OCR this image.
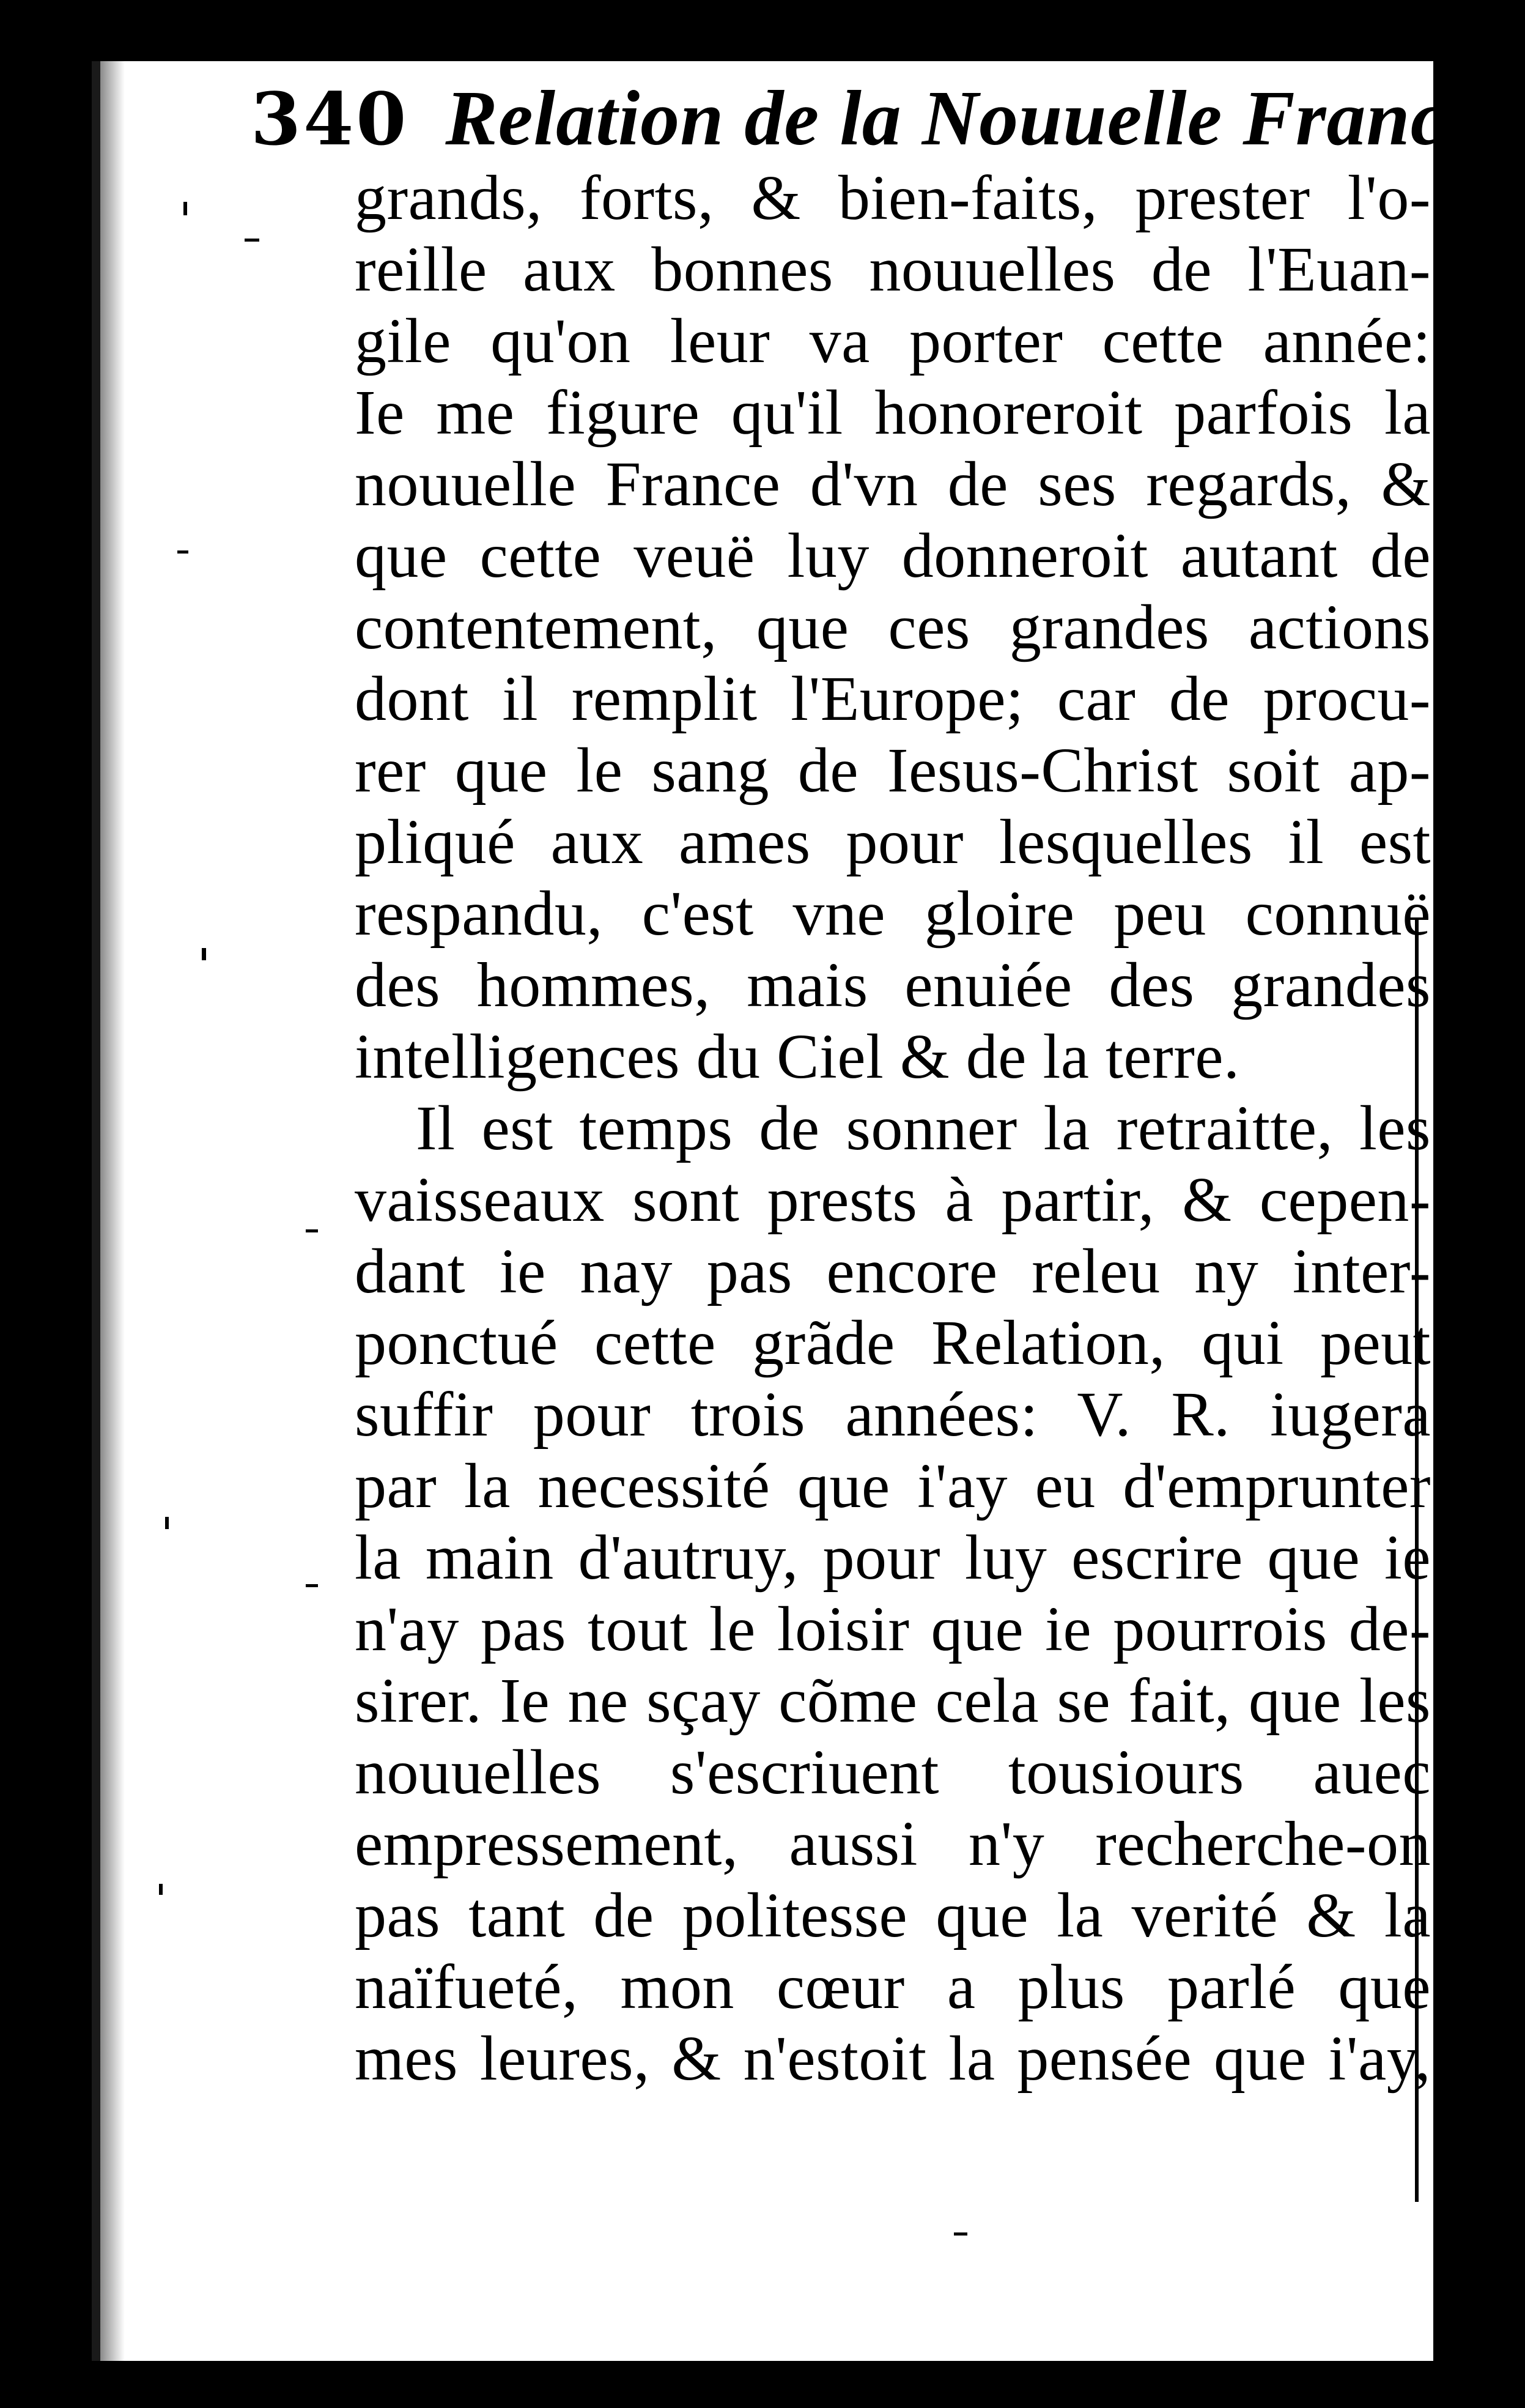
340 Relation de la Nouuelle France,
grands, forts, & bien-faits, prester l'o-
reille aux bonnes nouuelles de l'Euan-
gile qu'on leur va porter cette année:
Ie me figure qu'il honoreroit parfois la
nouuelle France d'vn de ses regards, &
que cette veuë luy donneroit autant de
contentement, que ces grandes actions
dont il remplit l'Europe; car de procu-
rer que le sang de Iesus-Christ soit ap-
pliqué aux ames pour lesquelles il est
respandu, c'est vne gloire peu connuë
des hommes, mais enuiée des grandes
intelligences du Ciel & de la terre.
Il est temps de sonner la retraitte, les
vaisseaux sont prests à partir, & cepen-
dant ie nay pas encore releu ny inter-
ponctué cette grãde Relation, qui peut
suffir pour trois années: V. R. iugera
par la necessité que i'ay eu d'emprunter
la main d'autruy, pour luy escrire que ie
n'ay pas tout le loisir que ie pourrois de-
sirer. Ie ne sçay cõme cela se fait, que les
nouuelles s'escriuent tousiours auec
empressement, aussi n'y recherche-on
pas tant de politesse que la verité & la
naïfueté, mon cœur a plus parlé que
mes leures, & n'estoit la pensée que i'ay,
